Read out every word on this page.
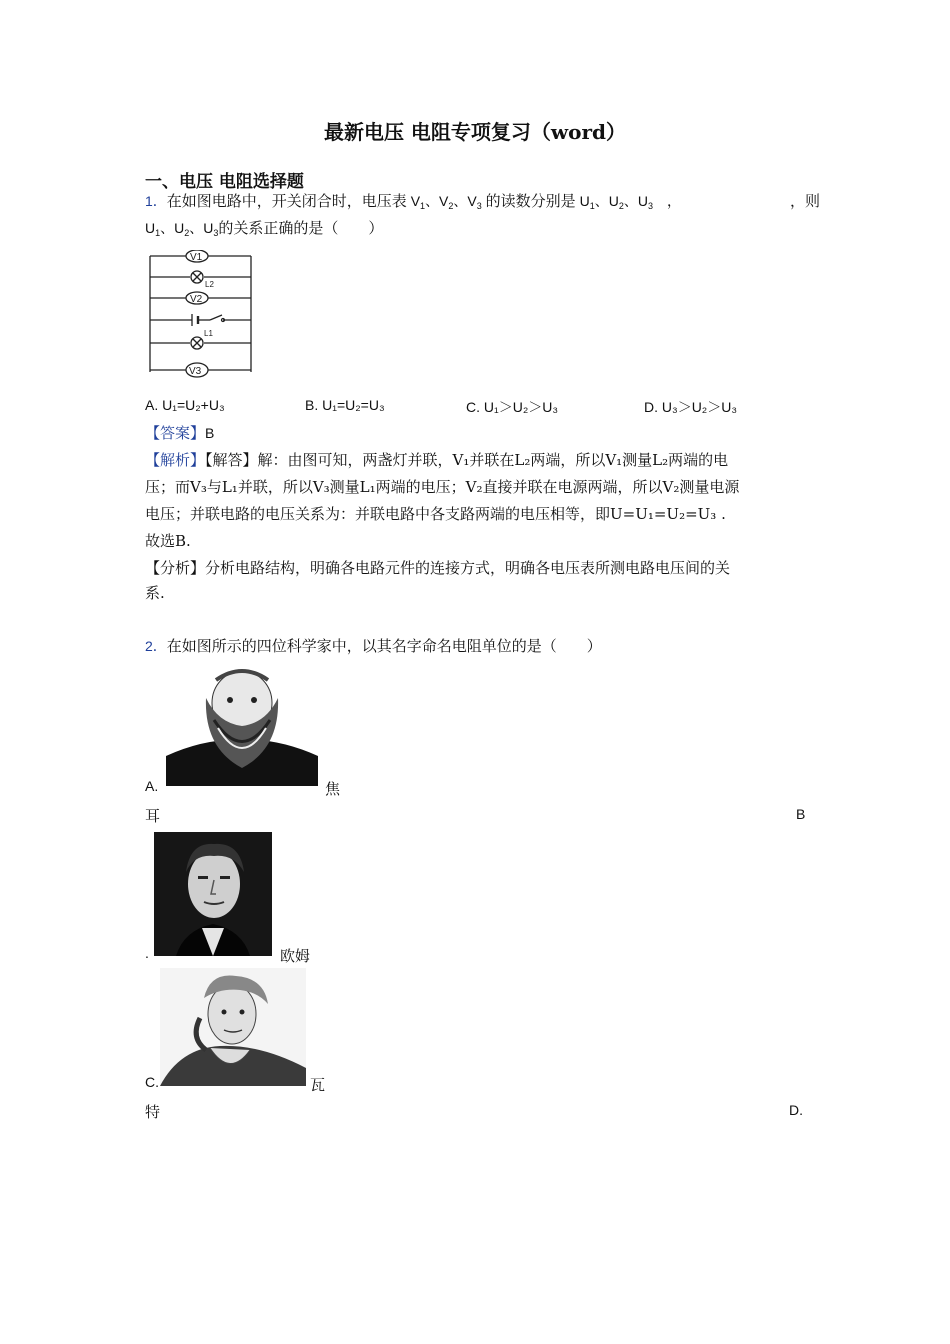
最新电压 电阻专项复习（word）
一、电压 电阻选择题
1．在如图电路中，开关闭合时，电压表 $V_1$、$V_2$、$V_3$ 的读数分别是 $U_1$、$U_2$、$U_3$　，	，则
$U_1$、$U_2$、$U_3$的关系正确的是（　　）
V1
L2
V2
L1
V3
A. U₁=U₂+U₃	B. U₁=U₂=U₃	C. U₁＞U₂＞U₃	D. U₃＞U₂＞U₃
【答案】B
【解析】【解答】解：由图可知，两盏灯并联，V₁并联在L₂两端，所以V₁测量L₂两端的电
压；而V₃与L₁并联，所以V₃测量L₁两端的电压；V₂直接并联在电源两端，所以V₂测量电源
电压；并联电路的电压关系为：并联电路中各支路两端的电压相等，即U=U₁=U₂=U₃ .
故选B.
【分析】分析电路结构，明确各电路元件的连接方式，明确各电压表所测电路电压间的关
系.
2．在如图所示的四位科学家中，以其名字命名电阻单位的是（　　）
A.	焦
耳	B
.	欧姆
C.	瓦
特	D.
